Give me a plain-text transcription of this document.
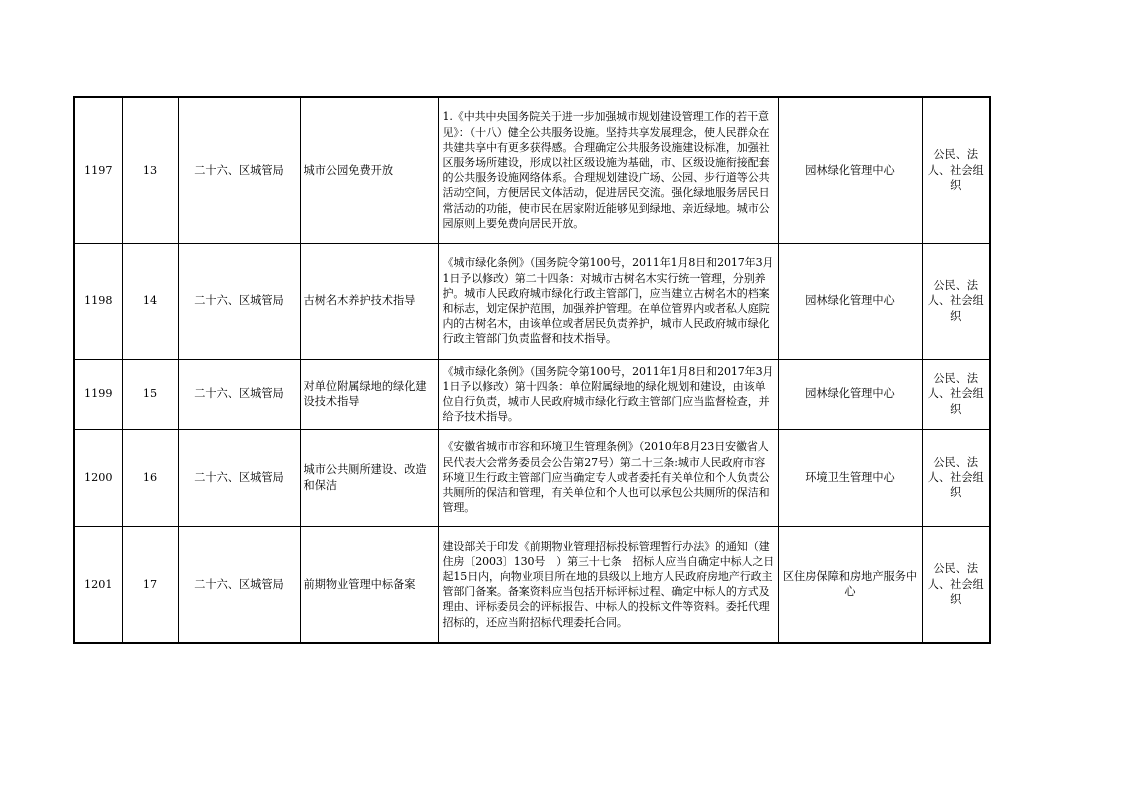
1197	13	二十六、区城管局	城市公园免费开放	1.《中共中央国务院关于进一步加强城市规划建设管理工作的若干意见》：（十八）健全公共服务设施。坚持共享发展理念，使人民群众在共建共享中有更多获得感。合理确定公共服务设施建设标准，加强社区服务场所建设，形成以社区级设施为基础，市、区级设施衔接配套的公共服务设施网络体系。合理规划建设广场、公园、步行道等公共活动空间，方便居民文体活动，促进居民交流。强化绿地服务居民日常活动的功能，使市民在居家附近能够见到绿地、亲近绿地。城市公园原则上要免费向居民开放。	园林绿化管理中心	公民、法人、社会组织
1198	14	二十六、区城管局	古树名木养护技术指导	《城市绿化条例》（国务院令第100号，2011年1月8日和2017年3月1日予以修改）第二十四条：对城市古树名木实行统一管理，分别养护。城市人民政府城市绿化行政主管部门，应当建立古树名木的档案和标志，划定保护范围，加强养护管理。在单位管界内或者私人庭院内的古树名木，由该单位或者居民负责养护，城市人民政府城市绿化行政主管部门负责监督和技术指导。	园林绿化管理中心	公民、法人、社会组织
1199	15	二十六、区城管局	对单位附属绿地的绿化建设技术指导	《城市绿化条例》（国务院令第100号，2011年1月8日和2017年3月1日予以修改）第十四条：单位附属绿地的绿化规划和建设，由该单位自行负责，城市人民政府城市绿化行政主管部门应当监督检查，并给予技术指导。	园林绿化管理中心	公民、法人、社会组织
1200	16	二十六、区城管局	城市公共厕所建设、改造和保洁	《安徽省城市市容和环境卫生管理条例》（2010年8月23日安徽省人民代表大会常务委员会公告第27号）第二十三条:城市人民政府市容环境卫生行政主管部门应当确定专人或者委托有关单位和个人负责公共厕所的保洁和管理，有关单位和个人也可以承包公共厕所的保洁和管理。	环境卫生管理中心	公民、法人、社会组织
1201	17	二十六、区城管局	前期物业管理中标备案	建设部关于印发《前期物业管理招标投标管理暂行办法》的通知（建住房〔2003〕130号　）第三十七条　招标人应当自确定中标人之日起15日内，向物业项目所在地的县级以上地方人民政府房地产行政主管部门备案。备案资料应当包括开标评标过程、确定中标人的方式及理由、评标委员会的评标报告、中标人的投标文件等资料。委托代理招标的，还应当附招标代理委托合同。	区住房保障和房地产服务中心	公民、法人、社会组织
